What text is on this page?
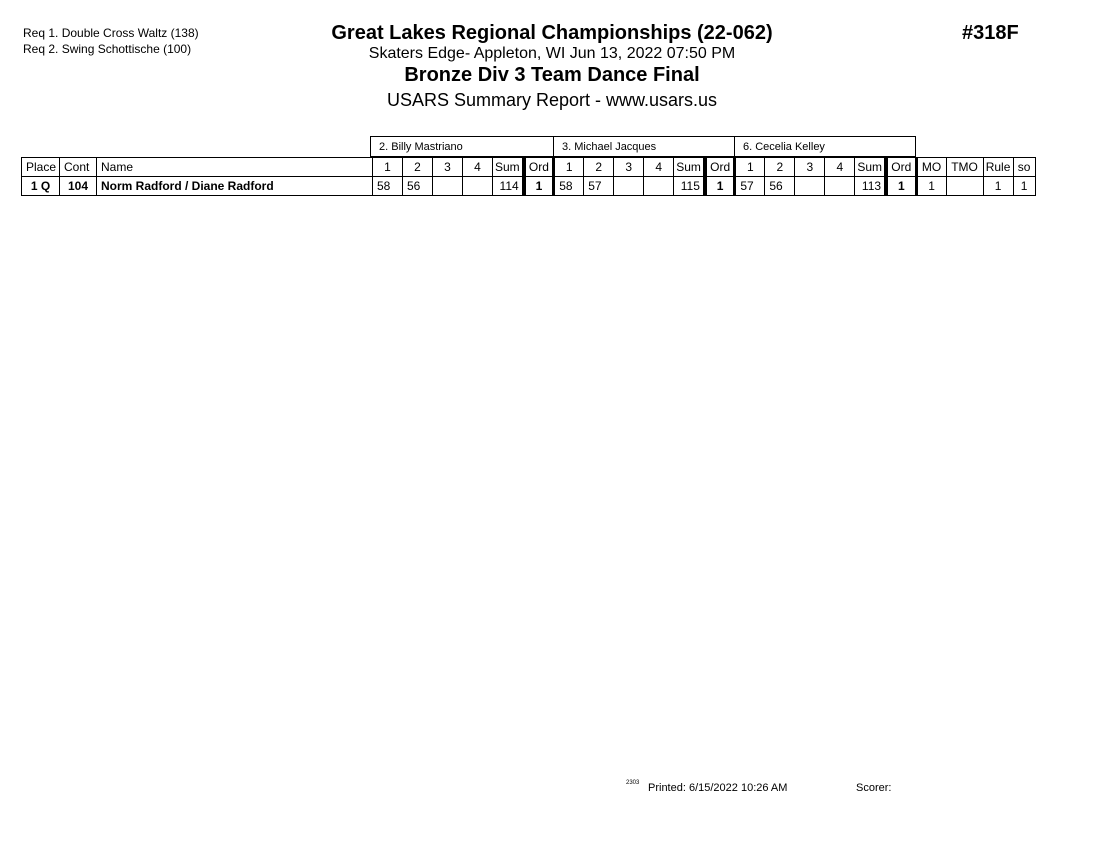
Req 1. Double Cross Waltz (138)
Req 2. Swing Schottische (100)
Great Lakes Regional Championships (22-062)
Skaters Edge- Appleton, WI Jun 13, 2022 07:50 PM
Bronze Div 3 Team Dance Final
USARS Summary Report - www.usars.us
#318F
2. Billy Mastriano	3. Michael Jacques	6. Cecelia Kelley
Place	Cont	Name	1	2	3	4	Sum	Ord	1	2	3	4	Sum	Ord	1	2	3	4	Sum	Ord	MO	TMO	Rule	so
1 Q	104	Norm Radford / Diane Radford	58	56			114	1	58	57			115	1	57	56			113	1	1		1	1
2303 Printed: 6/15/2022 10:26 AM	Scorer:
